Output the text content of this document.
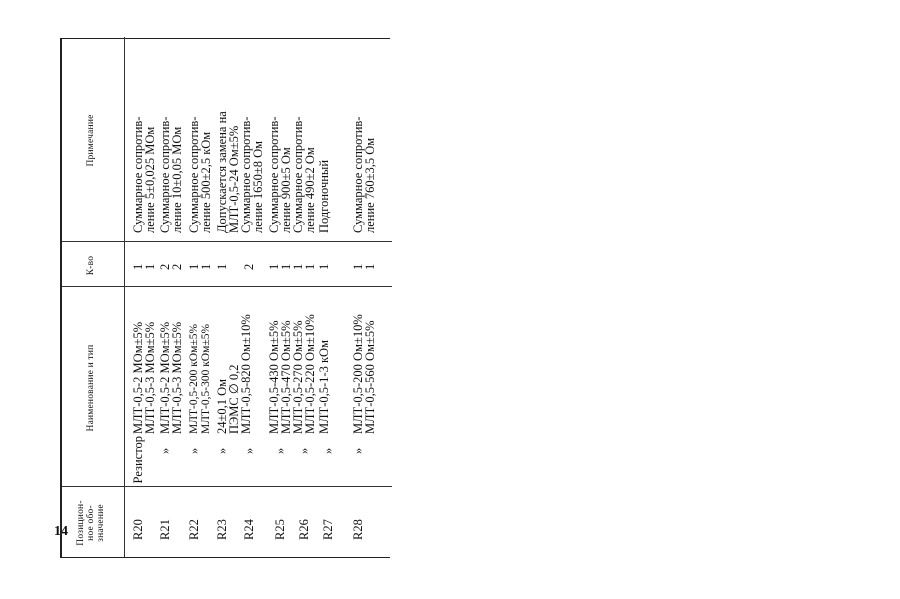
14 Позицион- ное обо- значение
Наименование и тип
К-во
Примечание
R20
Резистор
МЛТ-0,5-2 МОм±5%
МЛТ-0,5-3 МОм±5%
1
1
Суммарное сопротив-
ление 5±0,025 МОм
R21
»
МЛТ-0,5-2 МОм±5%
МЛТ-0,5-3 МОм±5%
2
2
Суммарное сопротив-
ление 10±0,05 МОм
R22
»
МЛТ-0,5-200 кОм±5% МЛТ-0,5-300 кОм±5%
1
1
Суммарное сопротив-
ление 500±2,5 кОм
R23
»
24±0,1 Ом
ПЭМС ∅ 0,2
1
Допускается замена на
МЛТ-0,5-24 Ом±5%
R24
»
МЛТ-0,5-820 Ом±10%
2
Суммарное сопротив-
ление 1650±8 Ом
R25
»
МЛТ-0,5-430 Ом±5%
МЛТ-0,5-470 Ом±5%
1
1
Суммарное сопротив-
ление 900±5 Ом
R26
»
МЛТ-0,5-270 Ом±5%
МЛТ-0,5-220 Ом±10%
1
1
Суммарное сопротив-
ление 490±2 Ом
R27
»
МЛТ-0,5-1-3 кОм
1
Подгоночный
R28
»
МЛТ-0,5-200 Ом±10%
МЛТ-0,5-560 Ом±5%
1
1
Суммарное сопротив-
ление 760±3,5 Ом
